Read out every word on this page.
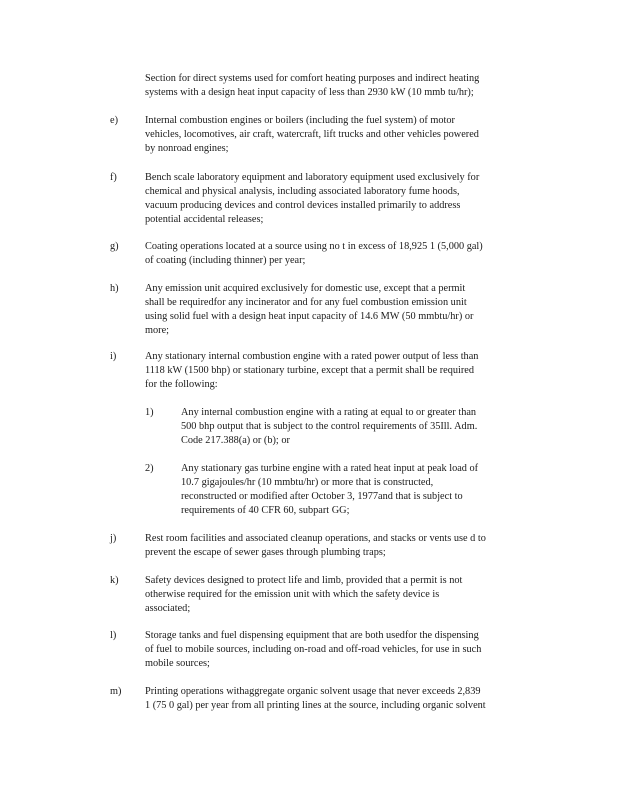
Section for direct systems used for comfort heating purposes and indirect heating
systems with a design heat input capacity of less than 2930 kW (10 mmb tu/hr);
e)	Internal combustion engines or boilers (including the fuel system) of motor
vehicles, locomotives, air craft, watercraft, lift trucks and other vehicles powered
by nonroad engines;
f)	Bench scale laboratory equipment and laboratory equipment used exclusively for
chemical and physical analysis, including associated laboratory fume hoods,
vacuum producing devices and control devices installed primarily to address
potential accidental releases;
g)	Coating operations located at a source using no t in excess of 18,925 1 (5,000 gal)
of coating (including thinner) per year;
h)	Any emission unit acquired exclusively for domestic use, except that a permit
shall be requiredfor any incinerator and for any fuel combustion emission unit
using solid fuel with a design heat input capacity of 14.6 MW (50 mmbtu/hr) or
more;
i)	Any stationary internal combustion engine with a rated power output of less than
1118 kW (1500 bhp) or stationary turbine, except that a permit shall be required
for the following:
1)	Any internal combustion engine with a rating at equal to or greater than
500 bhp output that is subject to the control requirements of 35Ill. Adm.
Code 217.388(a) or (b); or
2)	Any stationary gas turbine engine with a rated heat input at peak load of
10.7 gigajoules/hr (10 mmbtu/hr) or more that is constructed,
reconstructed or modified after October 3, 1977and that is subject to
requirements of 40 CFR 60, subpart GG;
j)	Rest room facilities and associated cleanup operations, and stacks or vents use d to
prevent the escape of sewer gases through plumbing traps;
k)	Safety devices designed to protect life and limb, provided that a permit is not
otherwise required for the emission unit with which the safety device is
associated;
l)	Storage tanks and fuel dispensing equipment that are both usedfor the dispensing
of fuel to mobile sources, including on-road and off-road vehicles, for use in such
mobile sources;
m) Printing operations withaggregate organic solvent usage that never exceeds 2,839
1 (75 0 gal) per year from all printing lines at the source, including organic solvent
